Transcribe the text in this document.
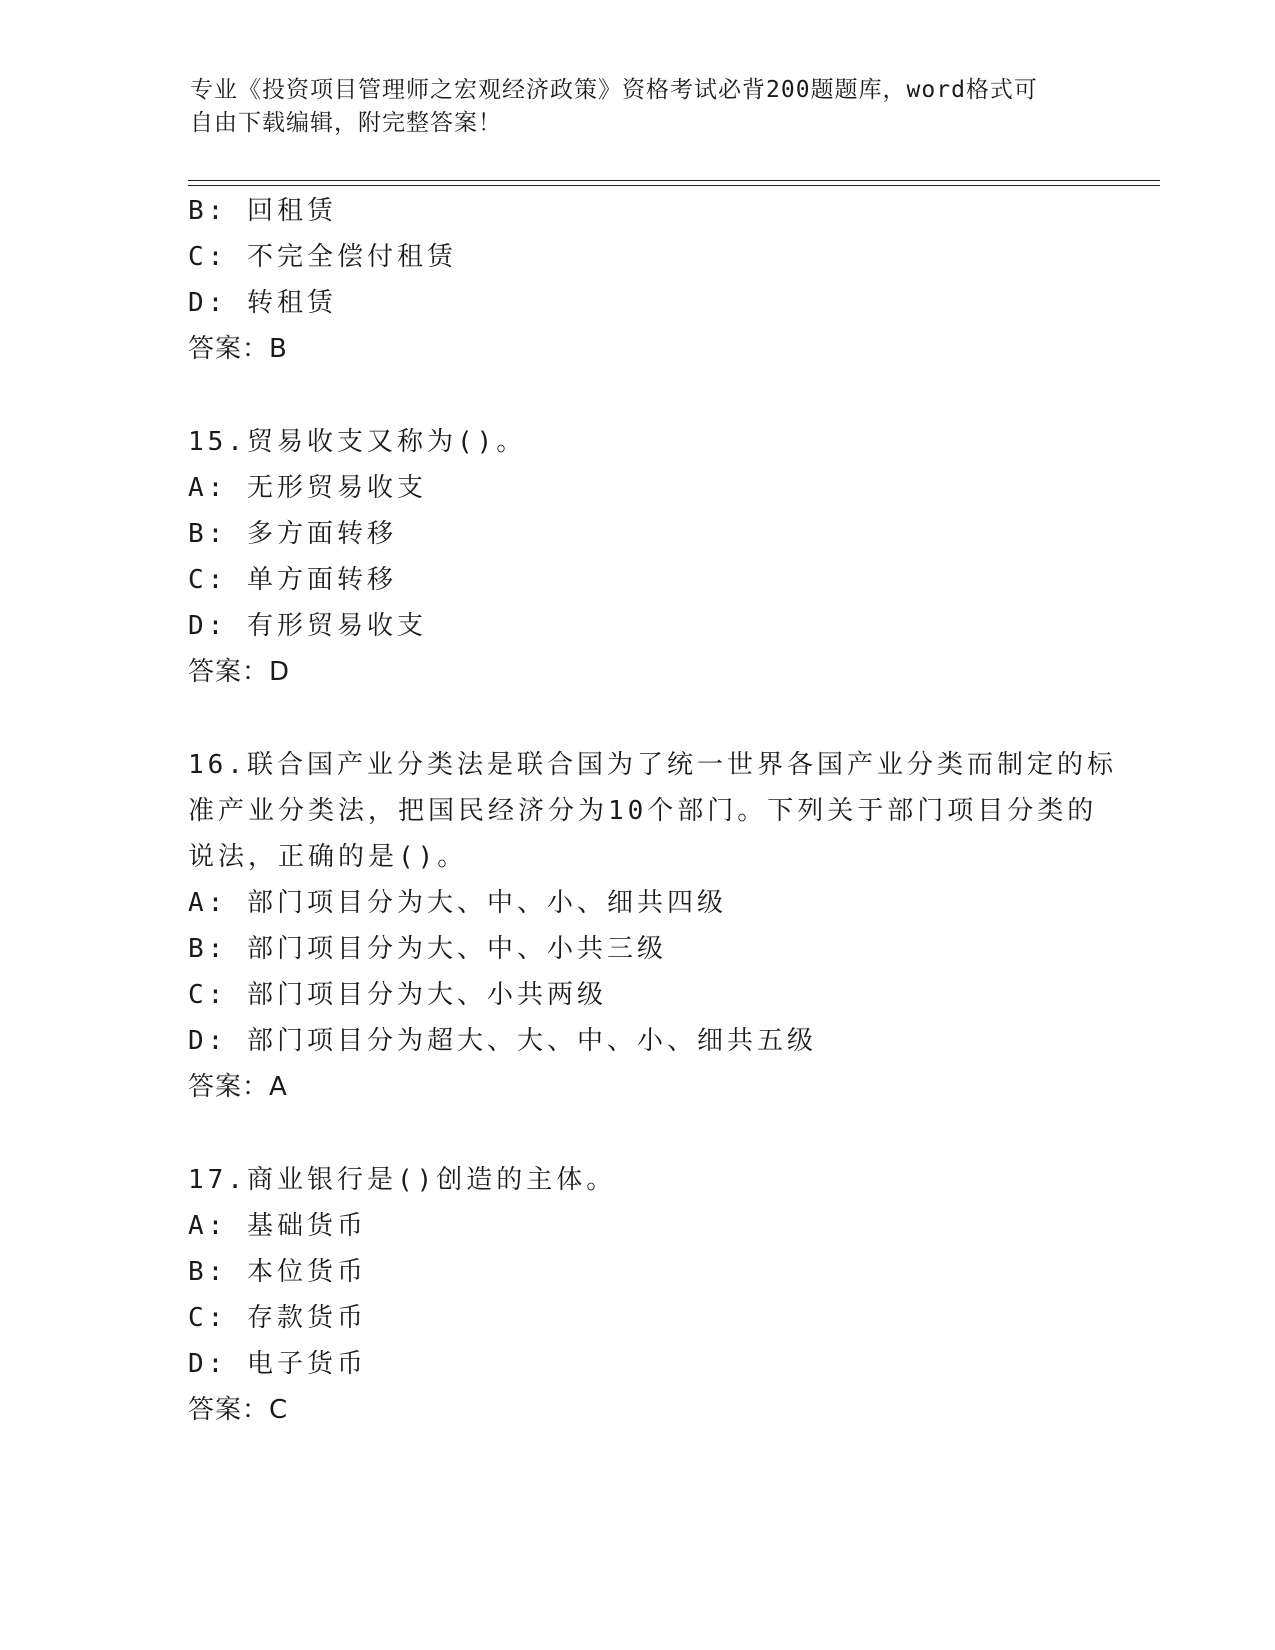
专业《投资项目管理师之宏观经济政策》资格考试必背200题题库，word格式可
自由下载编辑，附完整答案！
B: 回租赁
C: 不完全偿付租赁
D: 转租赁
答案：B
15.贸易收支又称为()。
A: 无形贸易收支
B: 多方面转移
C: 单方面转移
D: 有形贸易收支
答案：D
16.联合国产业分类法是联合国为了统一世界各国产业分类而制定的标
准产业分类法，把国民经济分为10个部门。下列关于部门项目分类的
说法，正确的是()。
A: 部门项目分为大、中、小、细共四级
B: 部门项目分为大、中、小共三级
C: 部门项目分为大、小共两级
D: 部门项目分为超大、大、中、小、细共五级
答案：A
17.商业银行是()创造的主体。
A: 基础货币
B: 本位货币
C: 存款货币
D: 电子货币
答案：C
